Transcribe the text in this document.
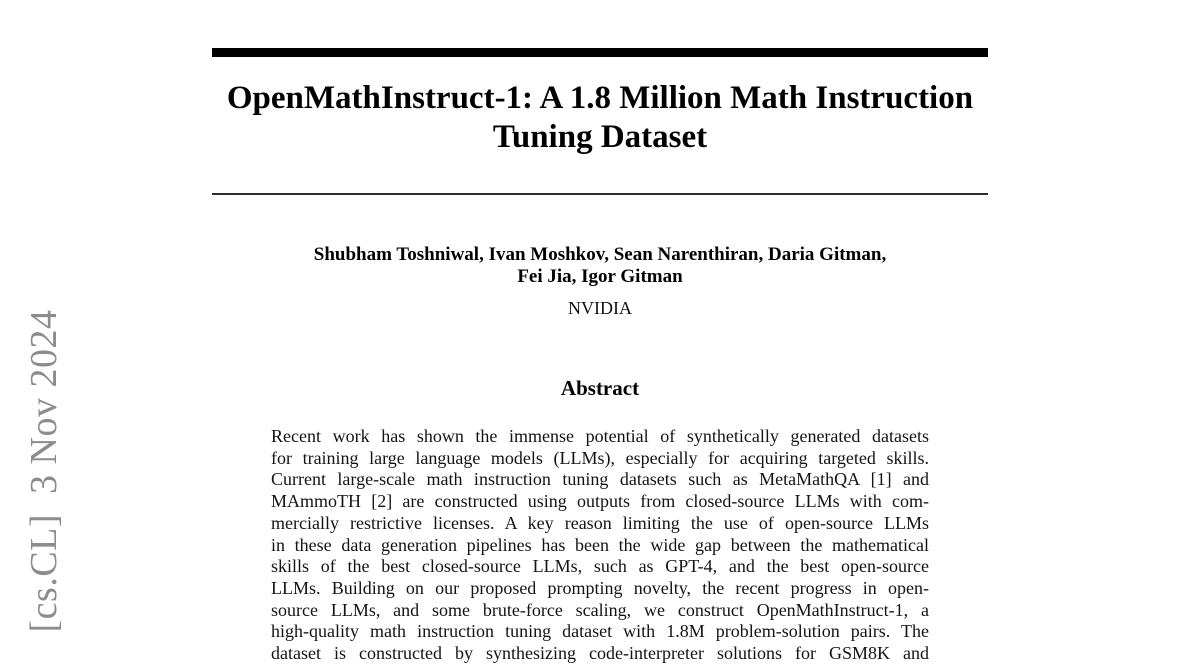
[cs.CL]  3 Nov 2024
OpenMathInstruct-1: A 1.8 Million Math Instruction
Tuning Dataset
Shubham Toshniwal, Ivan Moshkov, Sean Narenthiran, Daria Gitman,
Fei Jia, Igor Gitman
NVIDIA
Abstract
Recent work has shown the immense potential of synthetically generated datasets
for training large language models (LLMs), especially for acquiring targeted skills.
Current large-scale math instruction tuning datasets such as MetaMathQA [1] and
MAmmoTH [2] are constructed using outputs from closed-source LLMs with com-
mercially restrictive licenses. A key reason limiting the use of open-source LLMs
in these data generation pipelines has been the wide gap between the mathematical
skills of the best closed-source LLMs, such as GPT-4, and the best open-source
LLMs. Building on our proposed prompting novelty, the recent progress in open-
source LLMs, and some brute-force scaling, we construct OpenMathInstruct-1, a
high-quality math instruction tuning dataset with 1.8M problem-solution pairs. The
dataset is constructed by synthesizing code-interpreter solutions for GSM8K and
